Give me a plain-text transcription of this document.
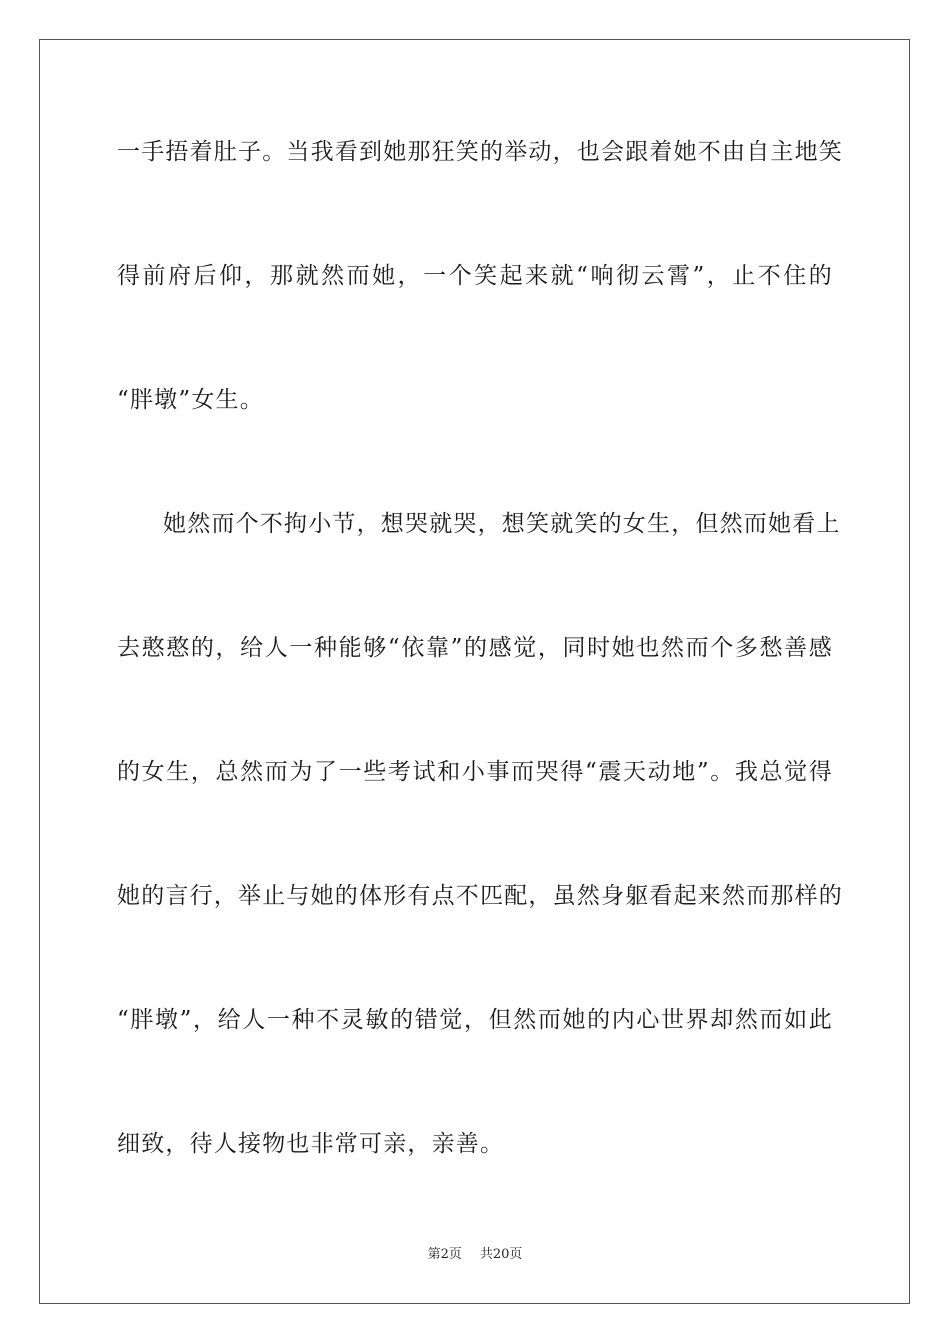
一手捂着肚子。当我看到她那狂笑的举动，也会跟着她不由自主地笑
得前府后仰，那就然而她，一个笑起来就“响彻云霄”，止不住的
“胖墩”女生。
她然而个不拘小节，想哭就哭，想笑就笑的女生，但然而她看上
去憨憨的，给人一种能够“依靠”的感觉，同时她也然而个多愁善感
的女生，总然而为了一些考试和小事而哭得“震天动地”。我总觉得
她的言行，举止与她的体形有点不匹配，虽然身躯看起来然而那样的
“胖墩”，给人一种不灵敏的错觉，但然而她的内心世界却然而如此
细致，待人接物也非常可亲，亲善。
第2页 共20页
